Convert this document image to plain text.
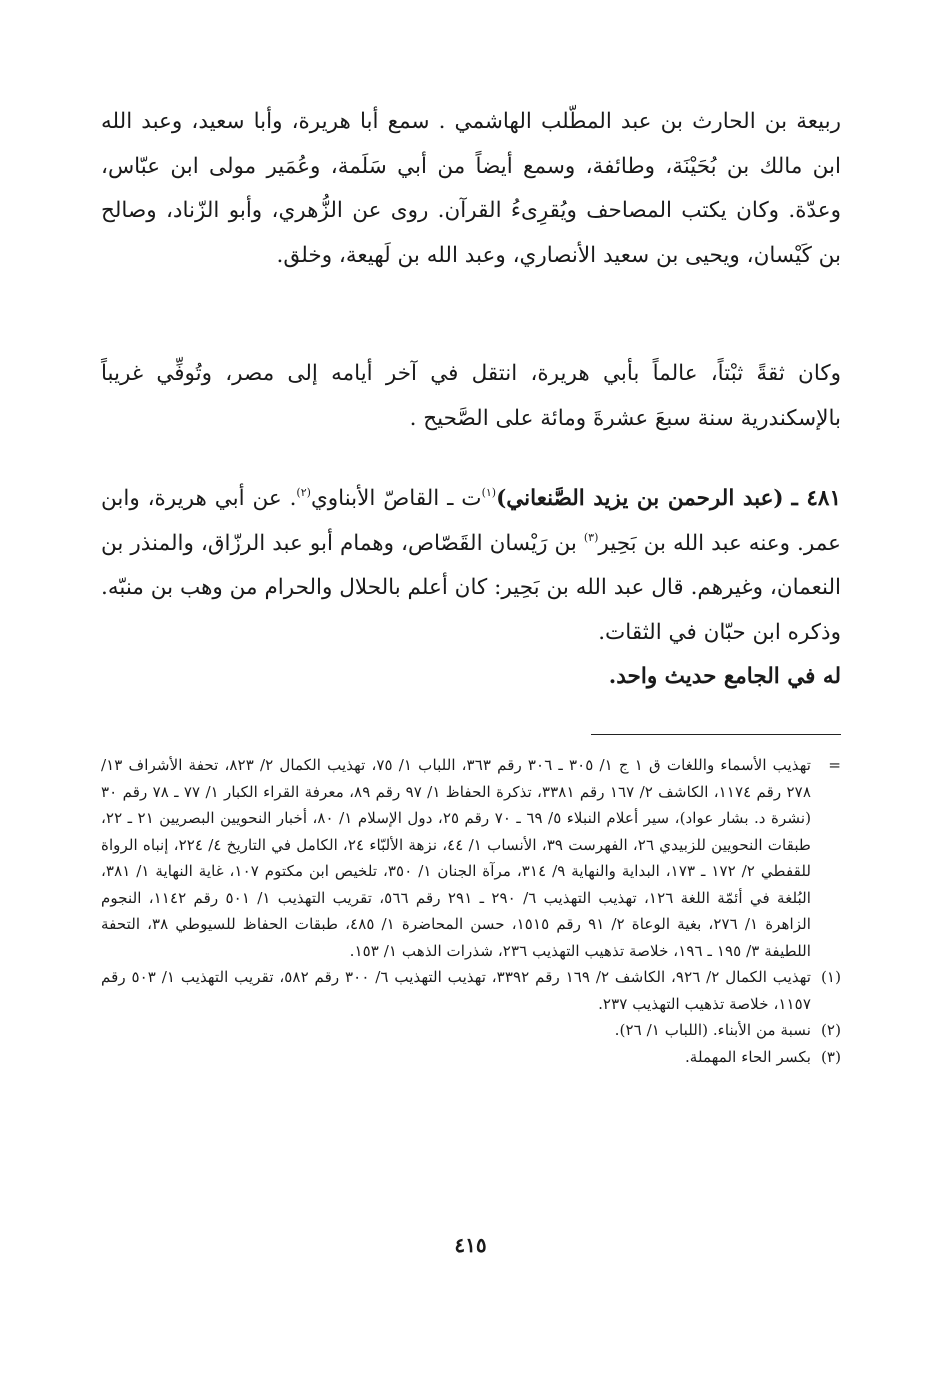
ربيعة بن الحارث بن عبد المطّلب الهاشمي . سمع أبا هريرة، وأبا سعيد، وعبد الله ابن مالك بن بُحَيْنَة، وطائفة، وسمع أيضاً من أبي سَلَمة، وعُمَير مولى ابن عبّاس، وعدّة. وكان يكتب المصاحف ويُقرِىءُ القرآن. روى عن الزُّهري، وأبو الزّناد، وصالح بن كَيْسان، ويحيى بن سعيد الأنصاري، وعبد الله بن لَهيعة، وخلق.

وكان ثقةً ثبْتاً، عالماً بأبي هريرة، انتقل في آخر أيامه إلى مصر، وتُوفِّي غريباً بالإسكندرية سنة سبعَ عشرةَ ومائة على الصَّحيح .

٤٨١ ـ (عبد الرحمن بن يزيد الصَّنعاني)$^{(١)}$ت ـ القاصّ الأبناوي$^{(٢)}$. عن أبي هريرة، وابن عمر. وعنه عبد الله بن بَحِير$^{(٣)}$ بن رَيْسان القَصّاص، وهمام أبو عبد الرزّاق، والمنذر بن النعمان، وغيرهم. قال عبد الله بن بَحِير: كان أعلم بالحلال والحرام من وهب بن منبّه. وذكره ابن حبّان في الثقات.

له في الجامع حديث واحد.

=
تهذيب الأسماء واللغات ق ١ ج ١/ ٣٠٥ ـ ٣٠٦ رقم ٣٦٣، اللباب ١/ ٧٥، تهذيب الكمال ٢/ ٨٢٣، تحفة الأشراف ١٣/ ٢٧٨ رقم ١١٧٤، الكاشف ٢/ ١٦٧ رقم ٣٣٨١، تذكرة الحفاظ ١/ ٩٧ رقم ٨٩، معرفة القراء الكبار ١/ ٧٧ ـ ٧٨ رقم ٣٠ (نشرة د. بشار عواد)، سير أعلام النبلاء ٥/ ٦٩ ـ ٧٠ رقم ٢٥، دول الإسلام ١/ ٨٠، أخبار النحويين البصريين ٢١ ـ ٢٢، طبقات النحويين للزبيدي ٢٦، الفهرست ٣٩، الأنساب ١/ ٤٤، نزهة الألبّاء ٢٤، الكامل في التاريخ ٤/ ٢٢٤، إنباه الرواة للقفطي ٢/ ١٧٢ ـ ١٧٣، البداية والنهاية ٩/ ٣١٤، مرآة الجنان ١/ ٣٥٠، تلخيص ابن مكتوم ١٠٧، غاية النهاية ١/ ٣٨١، البُلغة في أئمّة اللغة ١٢٦، تهذيب التهذيب ٦/ ٢٩٠ ـ ٢٩١ رقم ٥٦٦، تقريب التهذيب ١/ ٥٠١ رقم ١١٤٢، النجوم الزاهرة ١/ ٢٧٦، بغية الوعاة ٢/ ٩١ رقم ١٥١٥، حسن المحاضرة ١/ ٤٨٥، طبقات الحفاظ للسيوطي ٣٨، التحفة اللطيفة ٣/ ١٩٥ ـ ١٩٦، خلاصة تذهيب التهذيب ٢٣٦، شذرات الذهب ١/ ١٥٣.
(١)
تهذيب الكمال ٢/ ٩٢٦، الكاشف ٢/ ١٦٩ رقم ٣٣٩٢، تهذيب التهذيب ٦/ ٣٠٠ رقم ٥٨٢، تقريب التهذيب ١/ ٥٠٣ رقم ١١٥٧، خلاصة تذهيب التهذيب ٢٣٧.
(٢)
نسبة من الأبناء. (اللباب ١/ ٢٦).
(٣)
بكسر الحاء المهملة.
٤١٥
